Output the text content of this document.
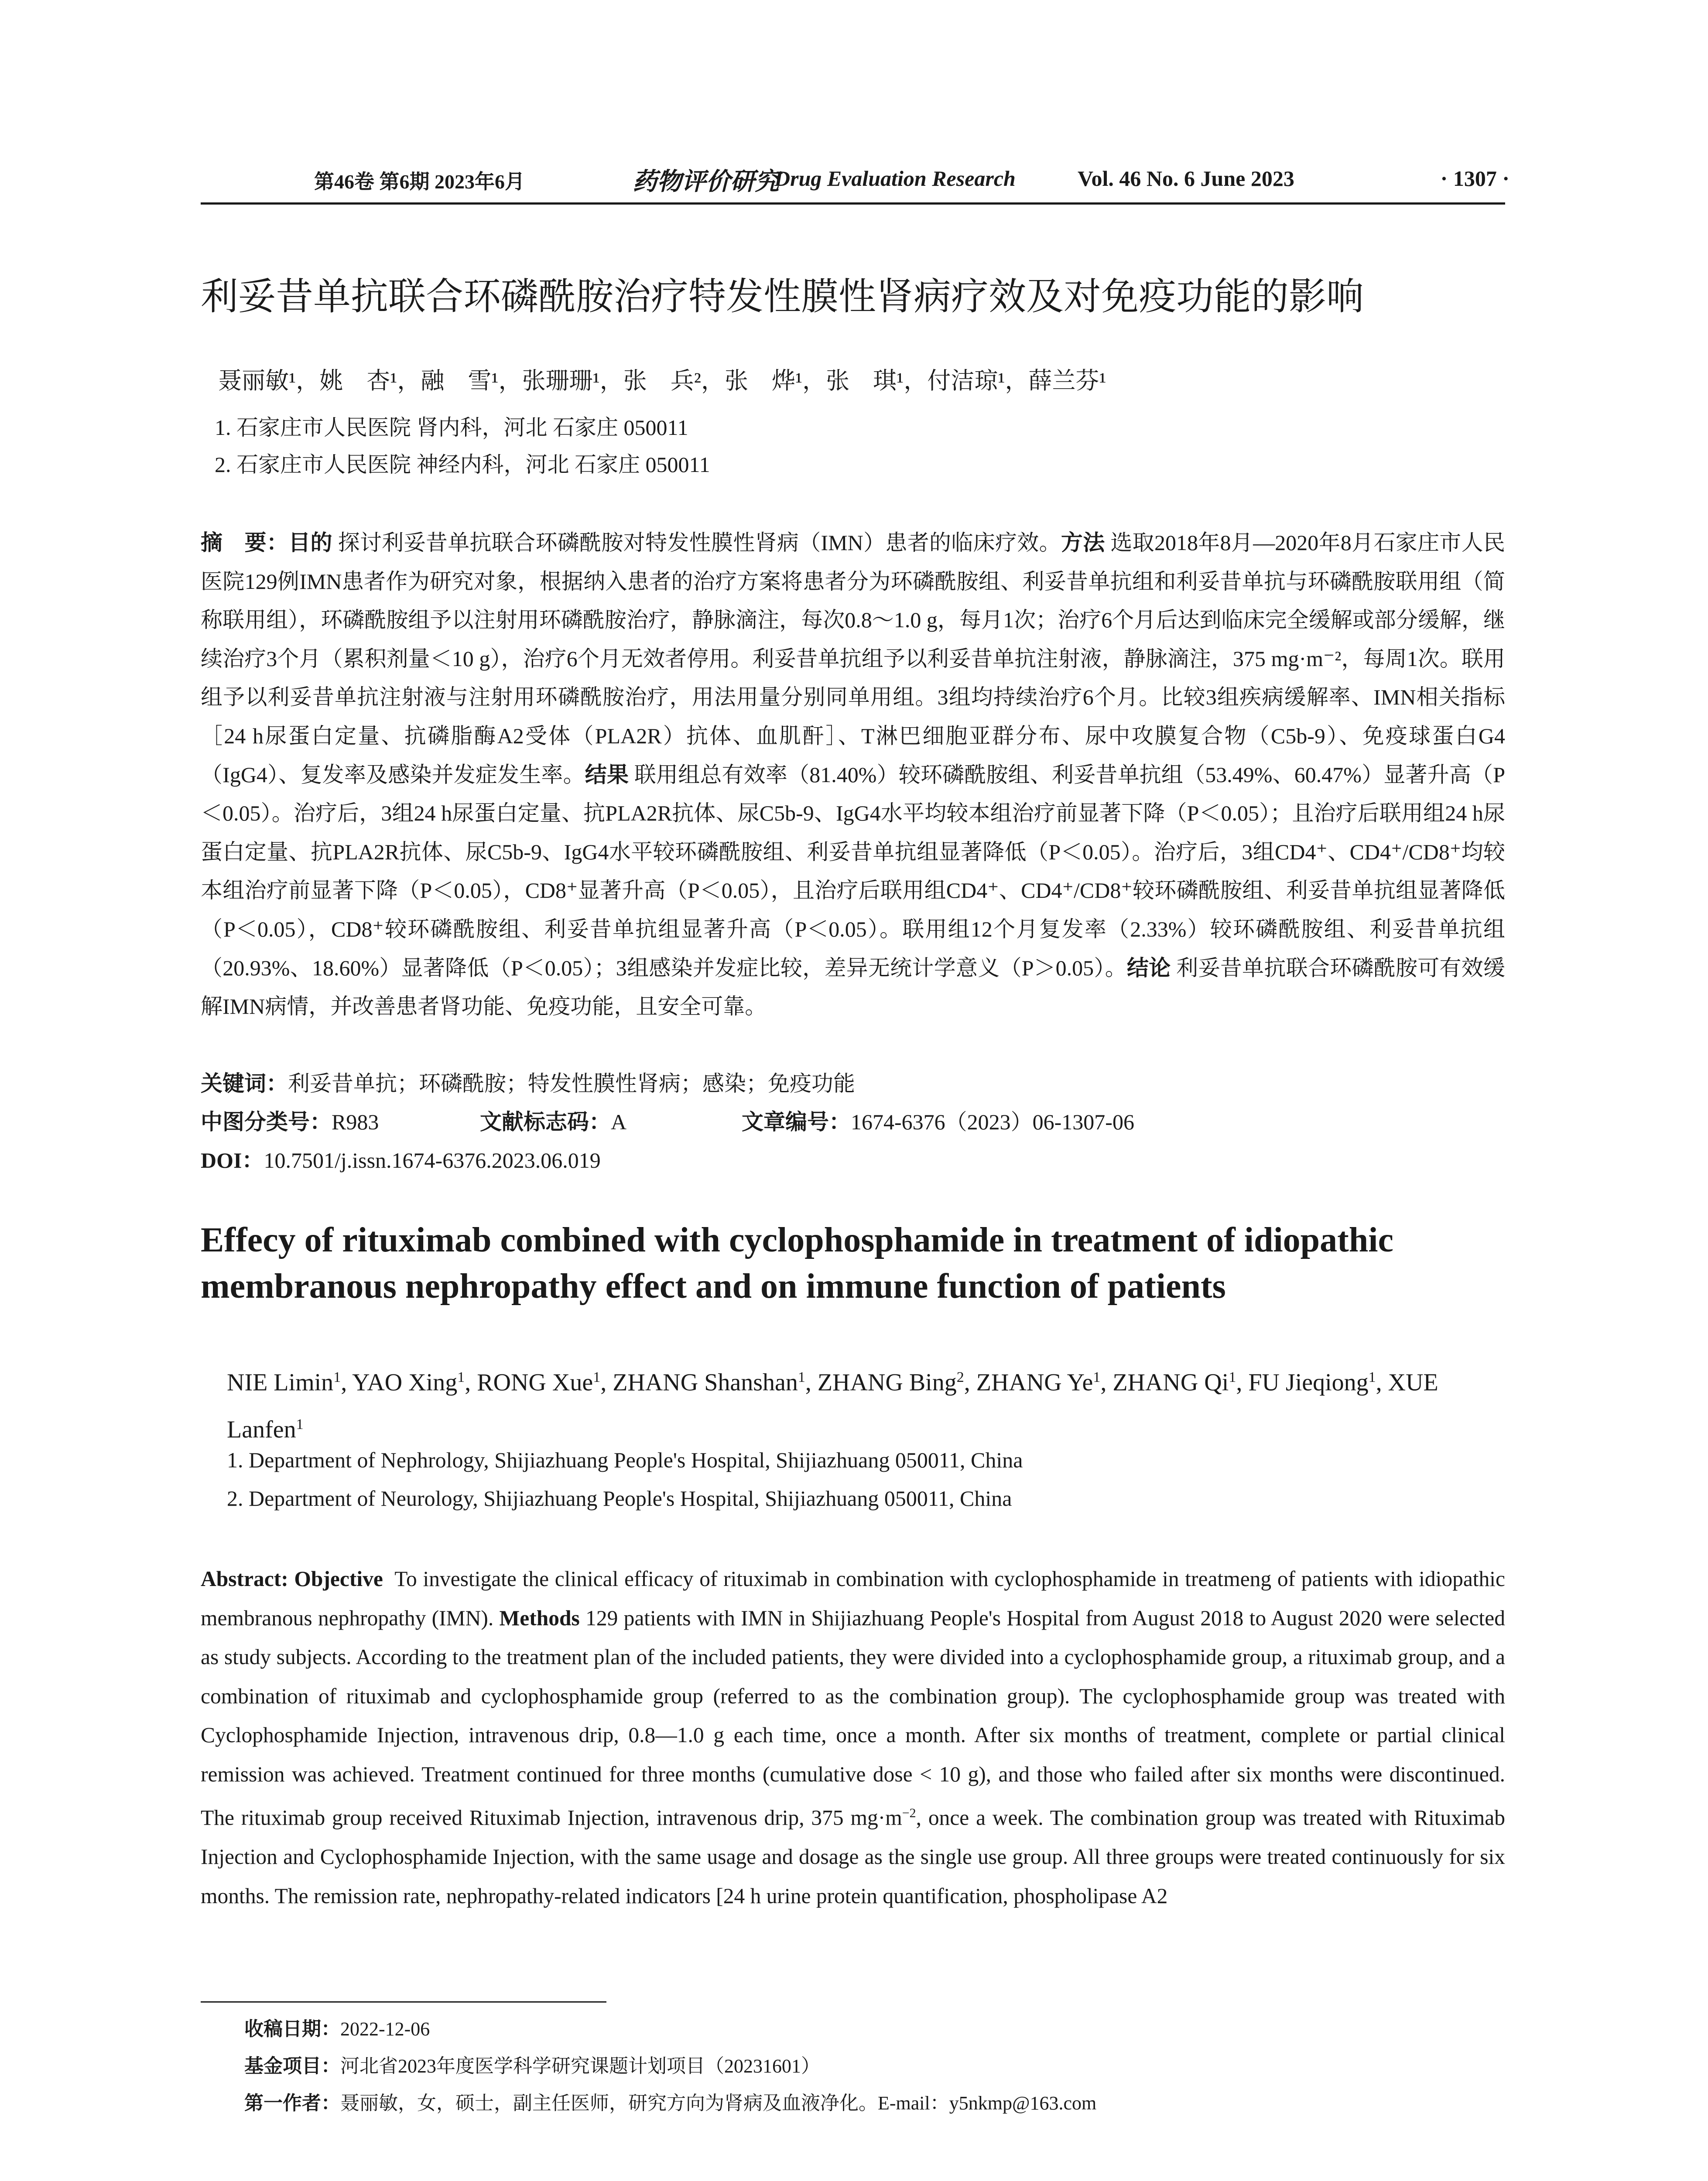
第46卷 第6期 2023年6月	药物评价研究
Drug Evaluation Research	Vol. 46 No. 6 June 2023	· 1307 ·
利妥昔单抗联合环磷酰胺治疗特发性膜性肾病疗效及对免疫功能的影响
聂丽敏¹，姚　杏¹，融　雪¹，张珊珊¹，张　兵²，张　烨¹，张　琪¹，付洁琼¹，薛兰芬¹
1. 石家庄市人民医院 肾内科，河北 石家庄 050011
2. 石家庄市人民医院 神经内科，河北 石家庄 050011
摘　要：目的 探讨利妥昔单抗联合环磷酰胺对特发性膜性肾病（IMN）患者的临床疗效。方法 选取2018年8月—2020年8月石家庄市人民医院129例IMN患者作为研究对象，根据纳入患者的治疗方案将患者分为环磷酰胺组、利妥昔单抗组和利妥昔单抗与环磷酰胺联用组（简称联用组），环磷酰胺组予以注射用环磷酰胺治疗，静脉滴注，每次0.8～1.0 g，每月1次；治疗6个月后达到临床完全缓解或部分缓解，继续治疗3个月（累积剂量＜10 g），治疗6个月无效者停用。利妥昔单抗组予以利妥昔单抗注射液，静脉滴注，375 mg·m⁻²，每周1次。联用组予以利妥昔单抗注射液与注射用环磷酰胺治疗，用法用量分别同单用组。3组均持续治疗6个月。比较3组疾病缓解率、IMN相关指标［24 h尿蛋白定量、抗磷脂酶A2受体（PLA2R）抗体、血肌酐］、T淋巴细胞亚群分布、尿中攻膜复合物（C5b-9）、免疫球蛋白G4（IgG4）、复发率及感染并发症发生率。结果 联用组总有效率（81.40%）较环磷酰胺组、利妥昔单抗组（53.49%、60.47%）显著升高（P＜0.05）。治疗后，3组24 h尿蛋白定量、抗PLA2R抗体、尿C5b-9、IgG4水平均较本组治疗前显著下降（P＜0.05）；且治疗后联用组24 h尿蛋白定量、抗PLA2R抗体、尿C5b-9、IgG4水平较环磷酰胺组、利妥昔单抗组显著降低（P＜0.05）。治疗后，3组CD4⁺、CD4⁺/CD8⁺均较本组治疗前显著下降（P＜0.05），CD8⁺显著升高（P＜0.05），且治疗后联用组CD4⁺、CD4⁺/CD8⁺较环磷酰胺组、利妥昔单抗组显著降低（P＜0.05），CD8⁺较环磷酰胺组、利妥昔单抗组显著升高（P＜0.05）。联用组12个月复发率（2.33%）较环磷酰胺组、利妥昔单抗组（20.93%、18.60%）显著降低（P＜0.05）；3组感染并发症比较，差异无统计学意义（P＞0.05）。结论 利妥昔单抗联合环磷酰胺可有效缓解IMN病情，并改善患者肾功能、免疫功能，且安全可靠。
关键词：利妥昔单抗；环磷酰胺；特发性膜性肾病；感染；免疫功能
中图分类号：R983	文献标志码：A	文章编号：1674-6376（2023）06-1307-06
DOI：10.7501/j.issn.1674-6376.2023.06.019
Effecy of rituximab combined with cyclophosphamide in treatment of idiopathic membranous nephropathy effect and on immune function of patients
NIE Limin$^1$, YAO Xing$^1$, RONG Xue$^1$, ZHANG Shanshan$^1$, ZHANG Bing$^2$, ZHANG Ye$^1$, ZHANG Qi$^1$, FU Jieqiong$^1$, XUE Lanfen$^1$
1. Department of Nephrology, Shijiazhuang People's Hospital, Shijiazhuang 050011, China
2. Department of Neurology, Shijiazhuang People's Hospital, Shijiazhuang 050011, China
Abstract: Objective To investigate the clinical efficacy of rituximab in combination with cyclophosphamide in treatmeng of patients with idiopathic membranous nephropathy (IMN). Methods 129 patients with IMN in Shijiazhuang People's Hospital from August 2018 to August 2020 were selected as study subjects. According to the treatment plan of the included patients, they were divided into a cyclophosphamide group, a rituximab group, and a combination of rituximab and cyclophosphamide group (referred to as the combination group). The cyclophosphamide group was treated with Cyclophosphamide Injection, intravenous drip, 0.8—1.0 g each time, once a month. After six months of treatment, complete or partial clinical remission was achieved. Treatment continued for three months (cumulative dose < 10 g), and those who failed after six months were discontinued. The rituximab group received Rituximab Injection, intravenous drip, 375 $mg\cdot m^{-2}$, once a week. The combination group was treated with Rituximab Injection and Cyclophosphamide Injection, with the same usage and dosage as the single use group. All three groups were treated continuously for six months. The remission rate, nephropathy-related indicators [24 h urine protein quantification, phospholipase A2
收稿日期：2022-12-06
基金项目：河北省2023年度医学科学研究课题计划项目（20231601）
第一作者：聂丽敏，女，硕士，副主任医师，研究方向为肾病及血液净化。E-mail：y5nkmp@163.com
